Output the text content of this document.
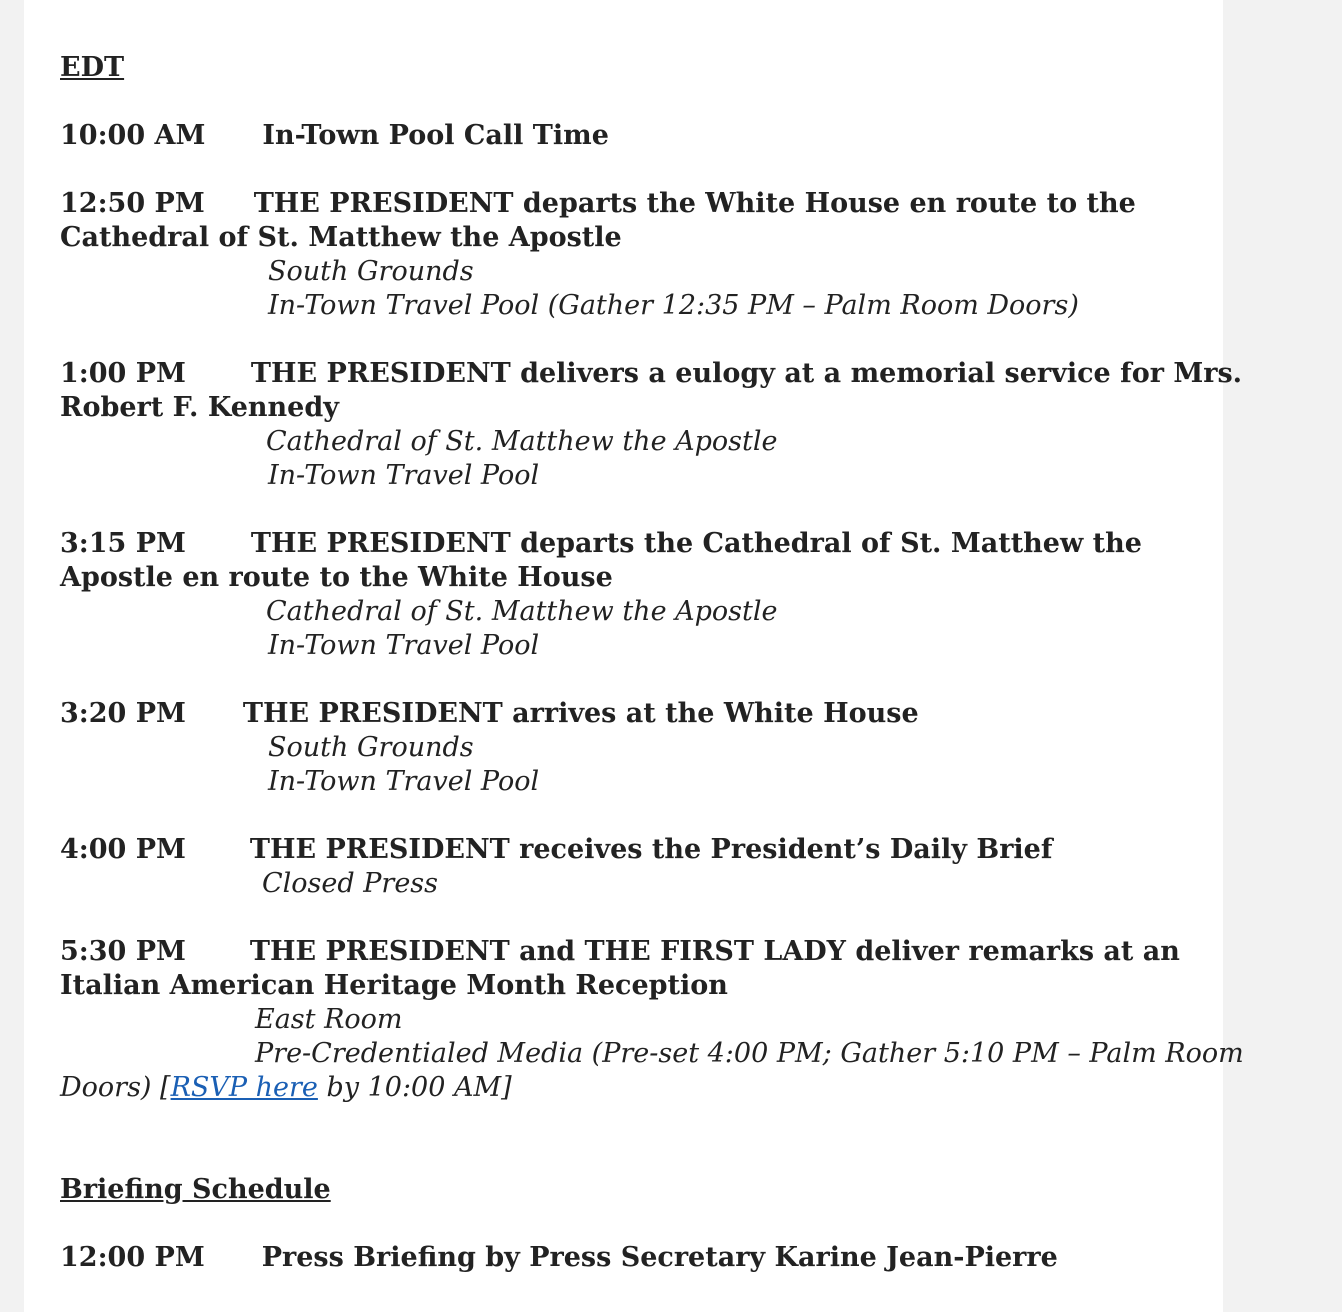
EDT
10:00 AM In-Town Pool Call Time
12:50 PM THE PRESIDENT departs the White House en route to the
Cathedral of St. Matthew the Apostle
South Grounds
In-Town Travel Pool (Gather 12:35 PM – Palm Room Doors)
1:00 PM THE PRESIDENT delivers a eulogy at a memorial service for Mrs.
Robert F. Kennedy
Cathedral of St. Matthew the Apostle
In-Town Travel Pool
3:15 PM THE PRESIDENT departs the Cathedral of St. Matthew the
Apostle en route to the White House
Cathedral of St. Matthew the Apostle
In-Town Travel Pool
3:20 PM THE PRESIDENT arrives at the White House
South Grounds
In-Town Travel Pool
4:00 PM THE PRESIDENT receives the President’s Daily Brief
Closed Press
5:30 PM THE PRESIDENT and THE FIRST LADY deliver remarks at an
Italian American Heritage Month Reception
East Room
Pre-Credentialed Media (Pre-set 4:00 PM; Gather 5:10 PM – Palm Room
Doors) [RSVP here by 10:00 AM]
Briefing Schedule
12:00 PM Press Briefing by Press Secretary Karine Jean-Pierre
